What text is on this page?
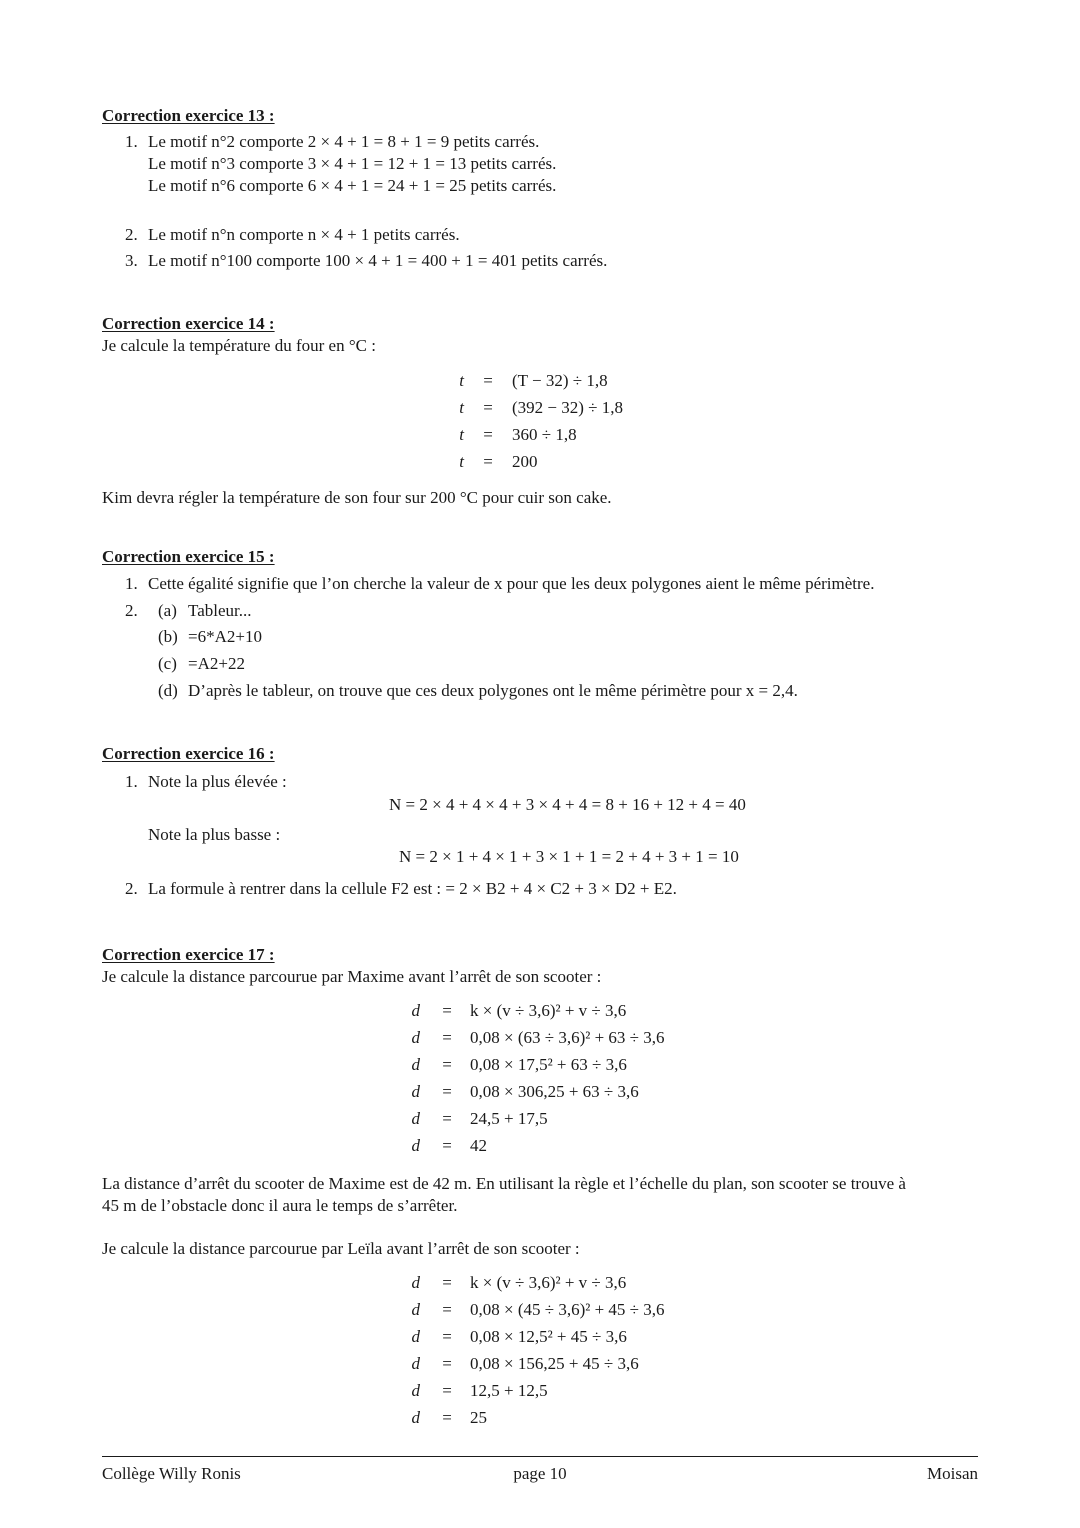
Correction exercice 13 :
1. Le motif n°2 comporte 2 × 4 + 1 = 8 + 1 = 9 petits carrés.
Le motif n°3 comporte 3 × 4 + 1 = 12 + 1 = 13 petits carrés.
Le motif n°6 comporte 6 × 4 + 1 = 24 + 1 = 25 petits carrés.
2. Le motif n°n comporte n × 4 + 1 petits carrés.
3. Le motif n°100 comporte 100 × 4 + 1 = 400 + 1 = 401 petits carrés.
Correction exercice 14 :
Je calcule la température du four en °C :
t	=	(T − 32) ÷ 1,8
t	=	(392 − 32) ÷ 1,8
t	=	360 ÷ 1,8
t	=	200
Kim devra régler la température de son four sur 200 °C pour cuir son cake.
Correction exercice 15 :
1. Cette égalité signifie que l’on cherche la valeur de x pour que les deux polygones aient le même périmètre.
2. (a) Tableur...
(b) =6*A2+10
(c) =A2+22
(d) D’après le tableur, on trouve que ces deux polygones ont le même périmètre pour x = 2,4.
Correction exercice 16 :
1. Note la plus élevée :
N = 2 × 4 + 4 × 4 + 3 × 4 + 4 = 8 + 16 + 12 + 4 = 40
Note la plus basse :
N = 2 × 1 + 4 × 1 + 3 × 1 + 1 = 2 + 4 + 3 + 1 = 10
2. La formule à rentrer dans la cellule F2 est : = 2 × B2 + 4 × C2 + 3 × D2 + E2.
Correction exercice 17 :
Je calcule la distance parcourue par Maxime avant l’arrêt de son scooter :
d	=	k × (v ÷ 3,6)² + v ÷ 3,6
d	=	0,08 × (63 ÷ 3,6)² + 63 ÷ 3,6
d	=	0,08 × 17,5² + 63 ÷ 3,6
d	=	0,08 × 306,25 + 63 ÷ 3,6
d	=	24,5 + 17,5
d	=	42
La distance d’arrêt du scooter de Maxime est de 42 m. En utilisant la règle et l’échelle du plan, son scooter se trouve à
45 m de l’obstacle donc il aura le temps de s’arrêter.
Je calcule la distance parcourue par Leïla avant l’arrêt de son scooter :
d	=	k × (v ÷ 3,6)² + v ÷ 3,6
d	=	0,08 × (45 ÷ 3,6)² + 45 ÷ 3,6
d	=	0,08 × 12,5² + 45 ÷ 3,6
d	=	0,08 × 156,25 + 45 ÷ 3,6
d	=	12,5 + 12,5
d	=	25
Collège Willy Ronis	page 10	Moisan
